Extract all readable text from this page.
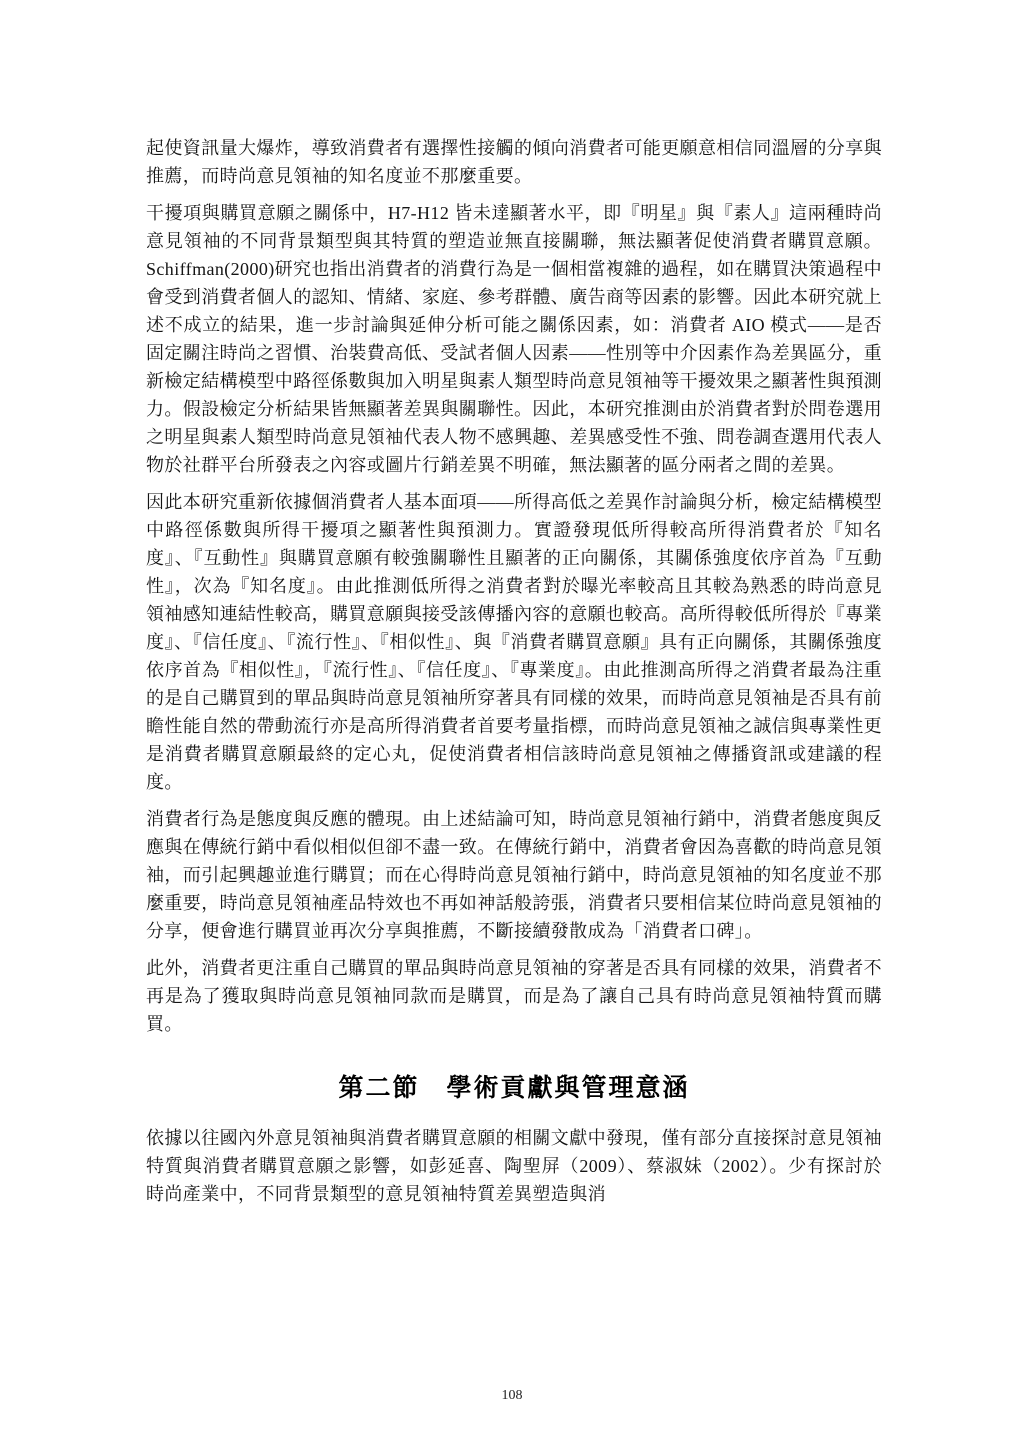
起使資訊量大爆炸，導致消費者有選擇性接觸的傾向消費者可能更願意相信同溫層的分享與推薦，而時尚意見領袖的知名度並不那麼重要。

干擾項與購買意願之關係中，H7-H12 皆未達顯著水平，即『明星』與『素人』這兩種時尚意見領袖的不同背景類型與其特質的塑造並無直接關聯，無法顯著促使消費者購買意願。Schiffman(2000)研究也指出消費者的消費行為是一個相當複雜的過程，如在購買決策過程中會受到消費者個人的認知、情緒、家庭、參考群體、廣告商等因素的影響。因此本研究就上述不成立的結果，進一步討論與延伸分析可能之關係因素，如：消費者 AIO 模式——是否固定關注時尚之習慣、治裝費高低、受試者個人因素——性別等中介因素作為差異區分，重新檢定結構模型中路徑係數與加入明星與素人類型時尚意見領袖等干擾效果之顯著性與預測力。假設檢定分析結果皆無顯著差異與關聯性。因此，本研究推測由於消費者對於問卷選用之明星與素人類型時尚意見領袖代表人物不感興趣、差異感受性不強、問卷調查選用代表人物於社群平台所發表之內容或圖片行銷差異不明確，無法顯著的區分兩者之間的差異。

因此本研究重新依據個消費者人基本面項——所得高低之差異作討論與分析，檢定結構模型中路徑係數與所得干擾項之顯著性與預測力。實證發現低所得較高所得消費者於『知名度』、『互動性』與購買意願有較強關聯性且顯著的正向關係，其關係強度依序首為『互動性』，次為『知名度』。由此推測低所得之消費者對於曝光率較高且其較為熟悉的時尚意見領袖感知連結性較高，購買意願與接受該傳播內容的意願也較高。高所得較低所得於『專業度』、『信任度』、『流行性』、『相似性』、與『消費者購買意願』具有正向關係，其關係強度依序首為『相似性』，『流行性』、『信任度』、『專業度』。由此推測高所得之消費者最為注重的是自己購買到的單品與時尚意見領袖所穿著具有同樣的效果，而時尚意見領袖是否具有前瞻性能自然的帶動流行亦是高所得消費者首要考量指標，而時尚意見領袖之誠信與專業性更是消費者購買意願最終的定心丸，促使消費者相信該時尚意見領袖之傳播資訊或建議的程度。

消費者行為是態度與反應的體現。由上述結論可知，時尚意見領袖行銷中，消費者態度與反應與在傳統行銷中看似相似但卻不盡一致。在傳統行銷中，消費者會因為喜歡的時尚意見領袖，而引起興趣並進行購買；而在心得時尚意見領袖行銷中，時尚意見領袖的知名度並不那麼重要，時尚意見領袖產品特效也不再如神話般誇張，消費者只要相信某位時尚意見領袖的分享，便會進行購買並再次分享與推薦，不斷接續發散成為「消費者口碑」。

此外，消費者更注重自己購買的單品與時尚意見領袖的穿著是否具有同樣的效果，消費者不再是為了獲取與時尚意見領袖同款而是購買，而是為了讓自己具有時尚意見領袖特質而購買。

第二節　學術貢獻與管理意涵

依據以往國內外意見領袖與消費者購買意願的相關文獻中發現，僅有部分直接探討意見領袖特質與消費者購買意願之影響，如彭延喜、陶聖屏（2009）、蔡淑妹（2002）。少有探討於時尚產業中，不同背景類型的意見領袖特質差異塑造與消

108
